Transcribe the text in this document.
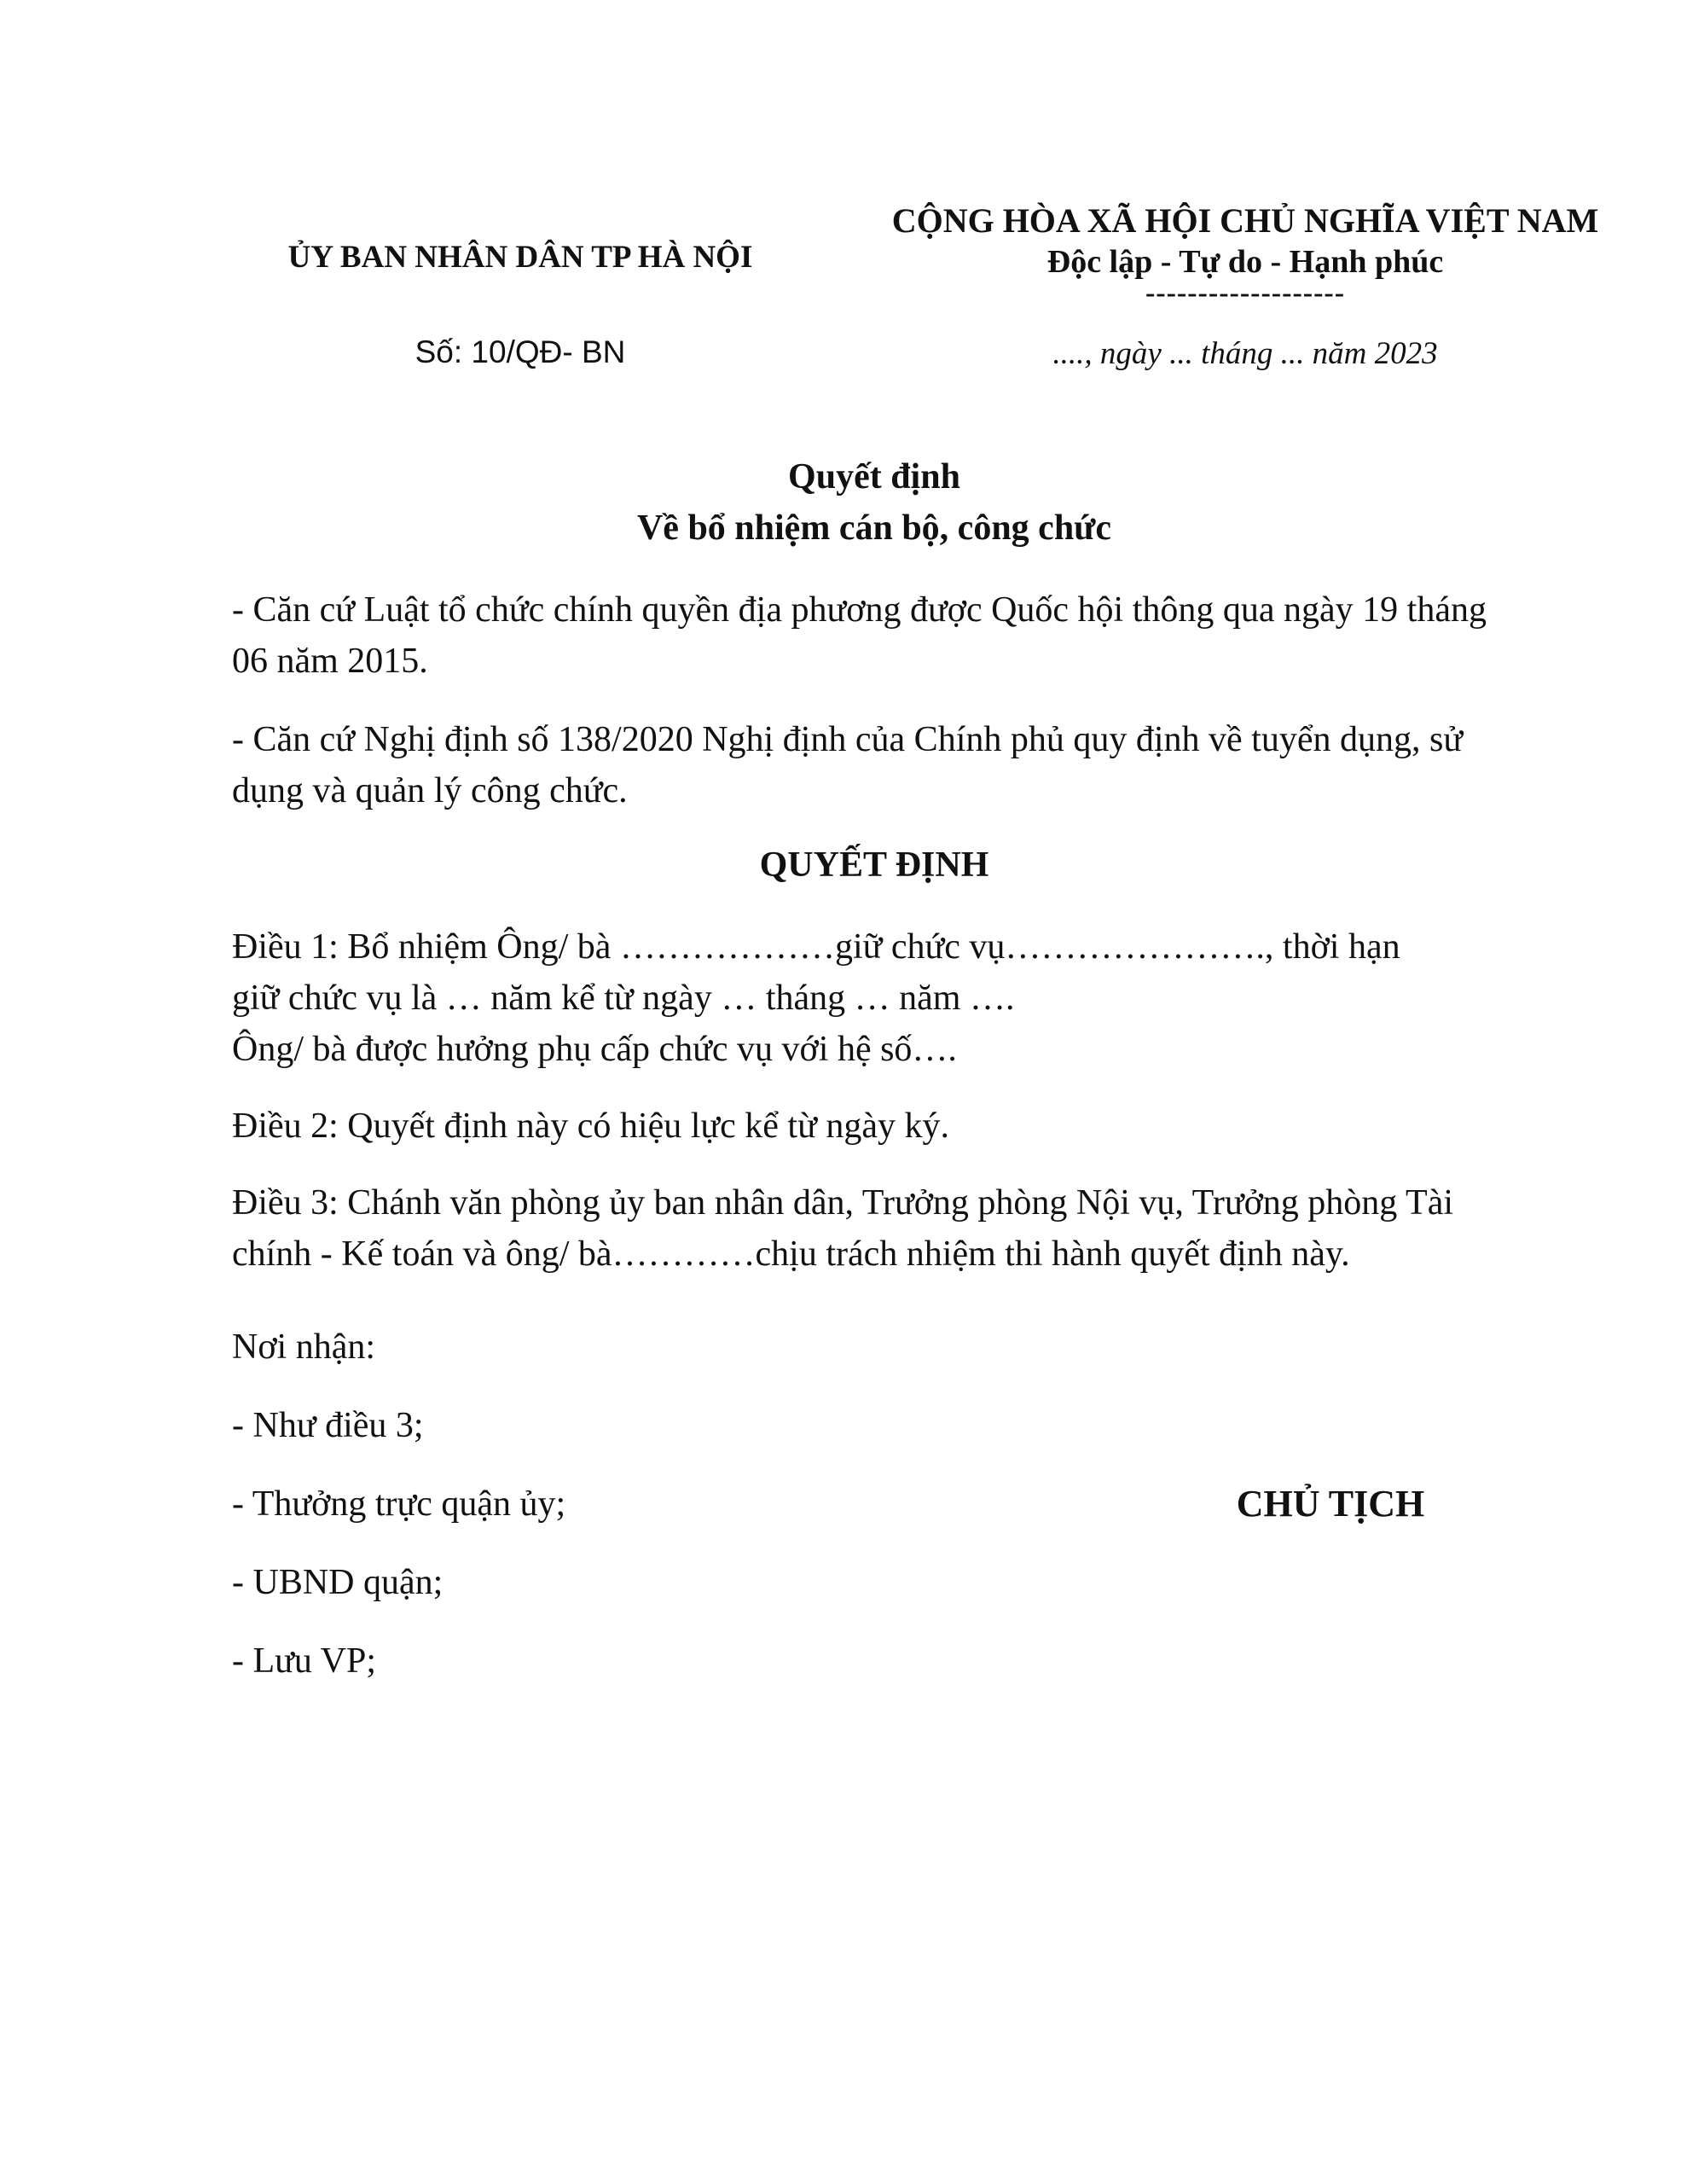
ỦY BAN NHÂN DÂN TP HÀ NỘI
CỘNG HÒA XÃ HỘI CHỦ NGHĨA VIỆT NAM
Độc lập - Tự do - Hạnh phúc
-------------------
Số: 10/QĐ- BN	...., ngày ... tháng ... năm 2023
Quyết định
Về bổ nhiệm cán bộ, công chức

- Căn cứ Luật tổ chức chính quyền địa phương được Quốc hội thông qua ngày 19 tháng 06 năm 2015.

- Căn cứ Nghị định số 138/2020 Nghị định của Chính phủ quy định về tuyển dụng, sử dụng và quản lý công chức.

QUYẾT ĐỊNH
Điều 1: Bổ nhiệm Ông/ bà ………………giữ chức vụ…………………., thời hạn
giữ chức vụ là … năm kể từ ngày … tháng … năm ….
Ông/ bà được hưởng phụ cấp chức vụ với hệ số….

Điều 2: Quyết định này có hiệu lực kể từ ngày ký.

Điều 3: Chánh văn phòng ủy ban nhân dân, Trưởng phòng Nội vụ, Trưởng phòng Tài chính - Kế toán và ông/ bà…………chịu trách nhiệm thi hành quyết định này.

Nơi nhận:
- Như điều 3;
- Thưởng trực quận ủy;
- UBND quận;
- Lưu VP;
CHỦ TỊCH
